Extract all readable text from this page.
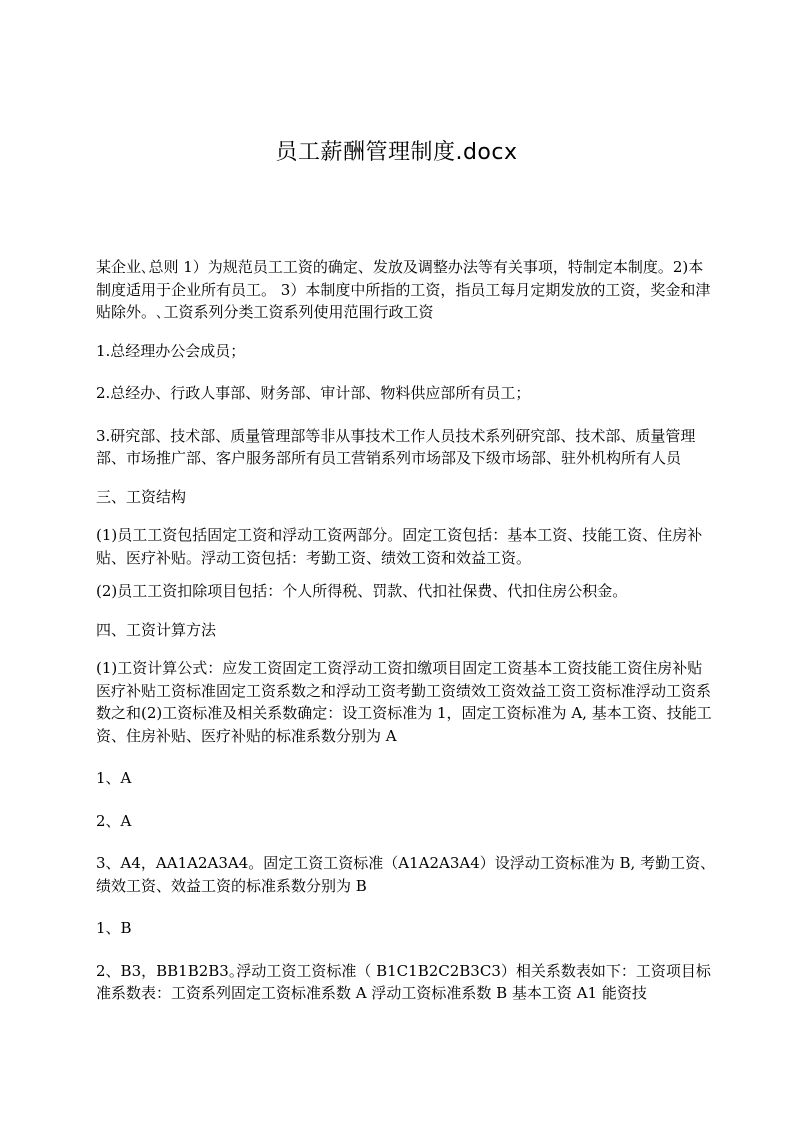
员工薪酬管理制度.docx

某企业､总则 1）为规范员工工资的确定、发放及调整办法等有关事项，特制定本制度。2)本制度适用于企业所有员工。 3）本制度中所指的工资，指员工每月定期发放的工资，奖金和津贴除外。､工资系列分类工资系列使用范围行政工资

1.总经理办公会成员；

2.总经办、行政人事部、财务部、审计部、物料供应部所有员工；

3.研究部、技术部、质量管理部等非从事技术工作人员技术系列研究部、技术部、质量管理部、市场推广部、客户服务部所有员工营销系列市场部及下级市场部、驻外机构所有人员

三、工资结构

(1)员工工资包括固定工资和浮动工资两部分。固定工资包括：基本工资、技能工资、住房补贴、医疗补贴。浮动工资包括：考勤工资、绩效工资和效益工资。

(2)员工工资扣除项目包括：个人所得税、罚款、代扣社保费、代扣住房公积金。

四、工资计算方法

(1)工资计算公式：应发工资固定工资浮动工资扣缴项目固定工资基本工资技能工资住房补贴医疗补贴工资标准固定工资系数之和浮动工资考勤工资绩效工资效益工资工资标准浮动工资系数之和(2)工资标准及相关系数确定：设工资标准为 1，固定工资标准为 A, 基本工资、技能工资、住房补贴、医疗补贴的标准系数分别为 A

1、A

2、A

3、A4，AA1A2A3A4。固定工资工资标准（A1A2A3A4）设浮动工资标准为 B, 考勤工资、绩效工资、效益工资的标准系数分别为 B

1、B

2、B3，BB1B2B3｡浮动工资工资标准（ B1C1B2C2B3C3）相关系数表如下：工资项目标准系数表：工资系列固定工资标准系数 A 浮动工资标准系数 B 基本工资 A1 能资技
